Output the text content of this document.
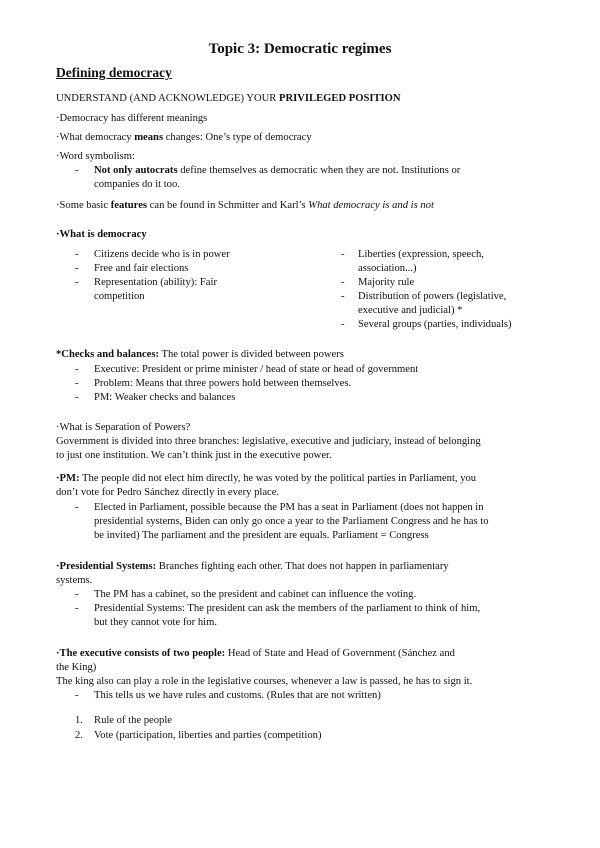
Topic 3: Democratic regimes
Defining democracy
UNDERSTAND (AND ACKNOWLEDGE) YOUR PRIVILEGED POSITION
·Democracy has different meanings
·What democracy means changes: One’s type of democracy
·Word symbolism:
- Not only autocrats define themselves as democratic when they are not. Institutions or
companies do it too.
·Some basic features can be found in Schmitter and Karl’s What democracy is and is not
·What is democracy
- Citizens decide who is in power
- Free and fair elections
- Representation (ability): Fair
competition
- Liberties (expression, speech,
association...)
- Majority rule
- Distribution of powers (legislative,
executive and judicial) *
- Several groups (parties, individuals)
*Checks and balances: The total power is divided between powers
- Executive: President or prime minister / head of state or head of government
- Problem: Means that three powers hold between themselves.
- PM: Weaker checks and balances
·What is Separation of Powers?
Government is divided into three branches: legislative, executive and judiciary, instead of belonging
to just one institution. We can’t think just in the executive power.
·PM: The people did not elect him directly, he was voted by the political parties in Parliament, you
don’t vote for Pedro Sánchez directly in every place.
- Elected in Parliament, possible because the PM has a seat in Parliament (does not happen in
presidential systems, Biden can only go once a year to the Parliament Congress and he has to
be invited) The parliament and the president are equals. Parliament = Congress
·Presidential Systems: Branches fighting each other. That does not happen in parliamentary
systems.
- The PM has a cabinet, so the president and cabinet can influence the voting.
- Presidential Systems: The president can ask the members of the parliament to think of him,
but they cannot vote for him.
·The executive consists of two people: Head of State and Head of Government (Sánchez and
the King)
The king also can play a role in the legislative courses, whenever a law is passed, he has to sign it.
- This tells us we have rules and customs. (Rules that are not written)
1. Rule of the people
2. Vote (participation, liberties and parties (competition)
